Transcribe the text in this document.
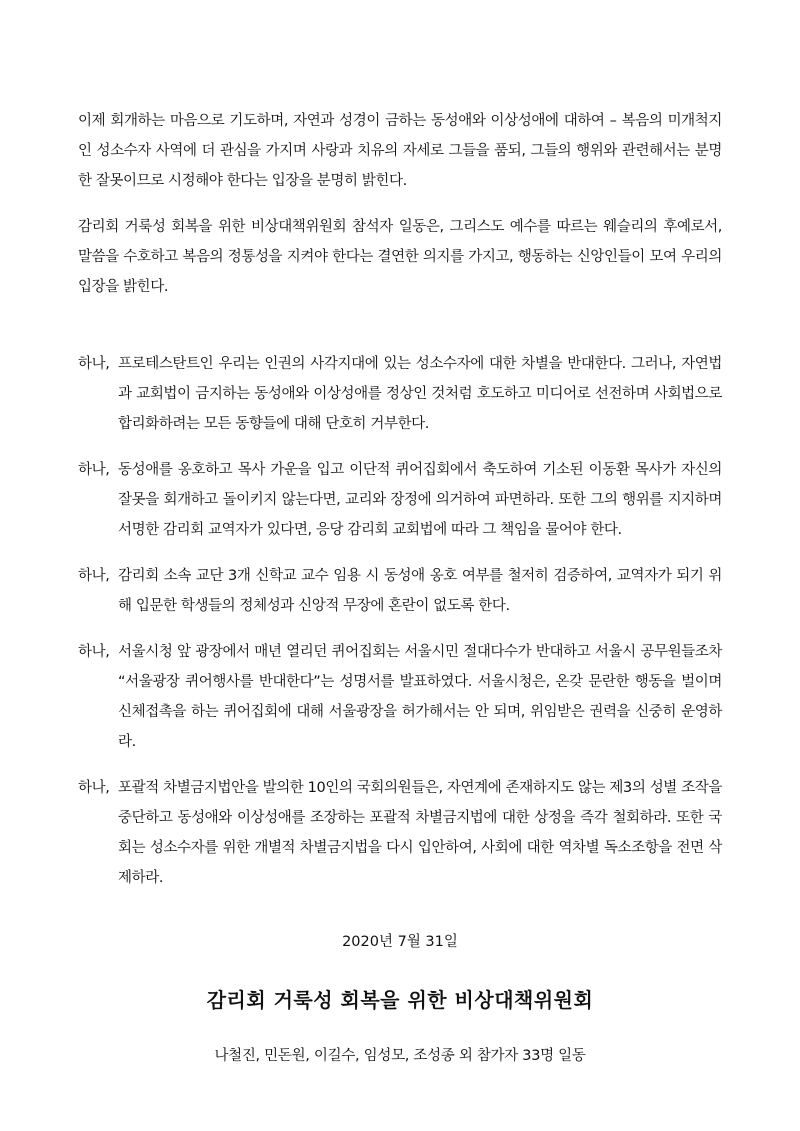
이제 회개하는 마음으로 기도하며, 자연과 성경이 금하는 동성애와 이상성애에 대하여 – 복음의 미개척지인 성소수자 사역에 더 관심을 가지며 사랑과 치유의 자세로 그들을 품되, 그들의 행위와 관련해서는 분명한 잘못이므로 시정해야 한다는 입장을 분명히 밝힌다.

감리회 거룩성 회복을 위한 비상대책위원회 참석자 일동은, 그리스도 예수를 따르는 웨슬리의 후예로서, 말씀을 수호하고 복음의 정통성을 지켜야 한다는 결연한 의지를 가지고, 행동하는 신앙인들이 모여 우리의 입장을 밝힌다.

하나, 프로테스탄트인 우리는 인권의 사각지대에 있는 성소수자에 대한 차별을 반대한다. 그러나, 자연법과 교회법이 금지하는 동성애와 이상성애를 정상인 것처럼 호도하고 미디어로 선전하며 사회법으로 합리화하려는 모든 동향들에 대해 단호히 거부한다.
하나, 동성애를 옹호하고 목사 가운을 입고 이단적 퀴어집회에서 축도하여 기소된 이동환 목사가 자신의 잘못을 회개하고 돌이키지 않는다면, 교리와 장정에 의거하여 파면하라. 또한 그의 행위를 지지하며 서명한 감리회 교역자가 있다면, 응당 감리회 교회법에 따라 그 책임을 물어야 한다.
하나, 감리회 소속 교단 3개 신학교 교수 임용 시 동성애 옹호 여부를 철저히 검증하여, 교역자가 되기 위해 입문한 학생들의 정체성과 신앙적 무장에 혼란이 없도록 한다.
하나, 서울시청 앞 광장에서 매년 열리던 퀴어집회는 서울시민 절대다수가 반대하고 서울시 공무원들조차 “서울광장 퀴어행사를 반대한다”는 성명서를 발표하였다. 서울시청은, 온갖 문란한 행동을 벌이며 신체접촉을 하는 퀴어집회에 대해 서울광장을 허가해서는 안 되며, 위임받은 권력을 신중히 운영하라.
하나, 포괄적 차별금지법안을 발의한 10인의 국회의원들은, 자연계에 존재하지도 않는 제3의 성별 조작을 중단하고 동성애와 이상성애를 조장하는 포괄적 차별금지법에 대한 상정을 즉각 철회하라. 또한 국회는 성소수자를 위한 개별적 차별금지법을 다시 입안하여, 사회에 대한 역차별 독소조항을 전면 삭제하라.
2020년 7월 31일
감리회 거룩성 회복을 위한 비상대책위원회
나철진, 민돈원, 이길수, 임성모, 조성종 외 참가자 33명 일동
